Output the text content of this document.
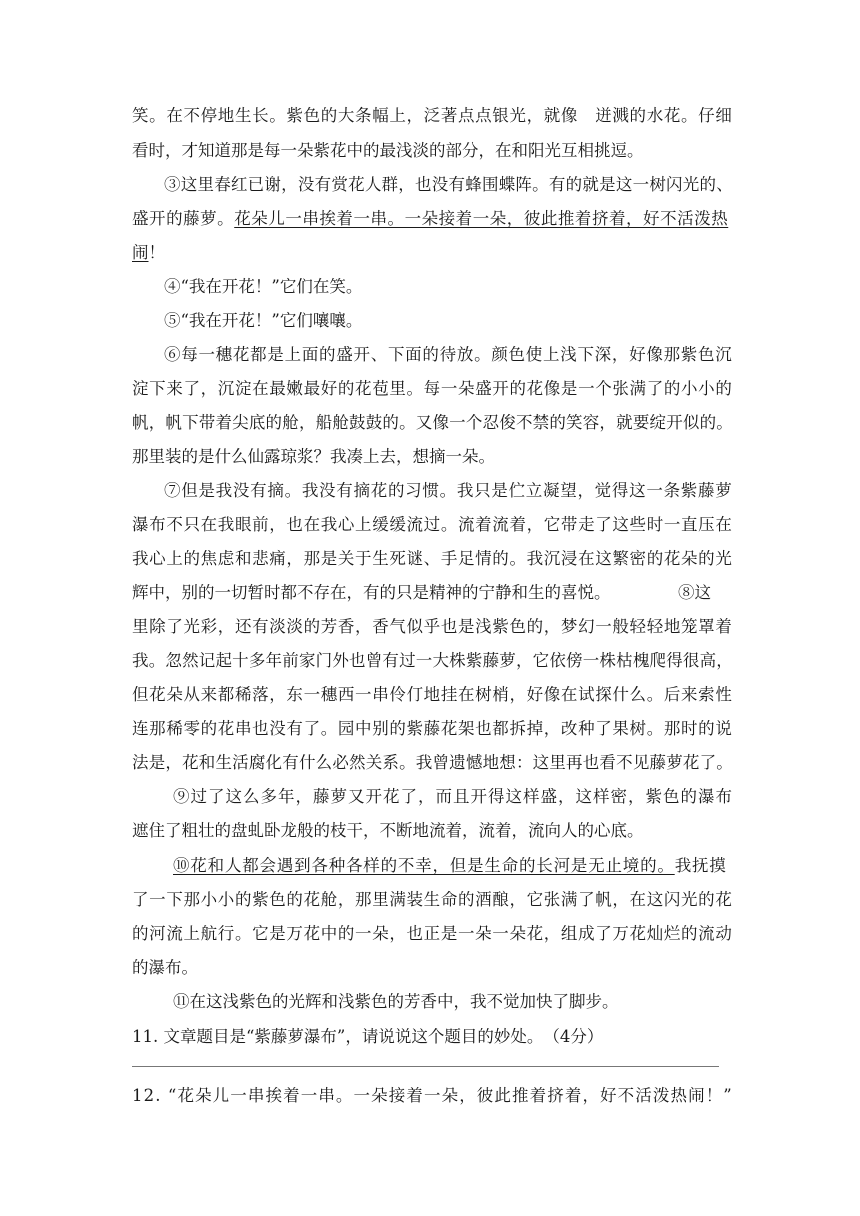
笑。在不停地生长。紫色的大条幅上，泛著点点银光，就像　迸溅的水花。仔细
看时，才知道那是每一朵紫花中的最浅淡的部分，在和阳光互相挑逗。
③这里春红已谢，没有赏花人群，也没有蜂围蝶阵。有的就是这一树闪光的、
盛开的藤萝。花朵儿一串挨着一串。一朵接着一朵，彼此推着挤着，好不活泼热
闹！
④“我在开花！”它们在笑。
⑤“我在开花！”它们嚷嚷。
⑥每一穗花都是上面的盛开、下面的待放。颜色使上浅下深，好像那紫色沉
淀下来了，沉淀在最嫩最好的花苞里。每一朵盛开的花像是一个张满了的小小的
帆，帆下带着尖底的舱，船舱鼓鼓的。又像一个忍俊不禁的笑容，就要绽开似的。
那里装的是什么仙露琼浆？我凑上去，想摘一朵。
⑦但是我没有摘。我没有摘花的习惯。我只是伫立凝望，觉得这一条紫藤萝
瀑布不只在我眼前，也在我心上缓缓流过。流着流着，它带走了这些时一直压在
我心上的焦虑和悲痛，那是关于生死谜、手足情的。我沉浸在这繁密的花朵的光
辉中，别的一切暂时都不存在，有的只是精神的宁静和生的喜悦。	⑧这
里除了光彩，还有淡淡的芳香，香气似乎也是浅紫色的，梦幻一般轻轻地笼罩着
我。忽然记起十多年前家门外也曾有过一大株紫藤萝，它依傍一株枯槐爬得很高，
但花朵从来都稀落，东一穗西一串伶仃地挂在树梢，好像在试探什么。后来索性
连那稀零的花串也没有了。园中别的紫藤花架也都拆掉，改种了果树。那时的说
法是，花和生活腐化有什么必然关系。我曾遗憾地想：这里再也看不见藤萝花了。
⑨过了这么多年，藤萝又开花了，而且开得这样盛，这样密，紫色的瀑布
遮住了粗壮的盘虬卧龙般的枝干，不断地流着，流着，流向人的心底。
⑩花和人都会遇到各种各样的不幸，但是生命的长河是无止境的。我抚摸
了一下那小小的紫色的花舱，那里满装生命的酒酿，它张满了帆，在这闪光的花
的河流上航行。它是万花中的一朵，也正是一朵一朵花，组成了万花灿烂的流动
的瀑布。
⑪在这浅紫色的光辉和浅紫色的芳香中，我不觉加快了脚步。
11. 文章题目是“紫藤萝瀑布”，请说说这个题目的妙处。　（4分）
12. “花朵儿一串挨着一串。一朵接着一朵，彼此推着挤着，好不活泼热闹！”
